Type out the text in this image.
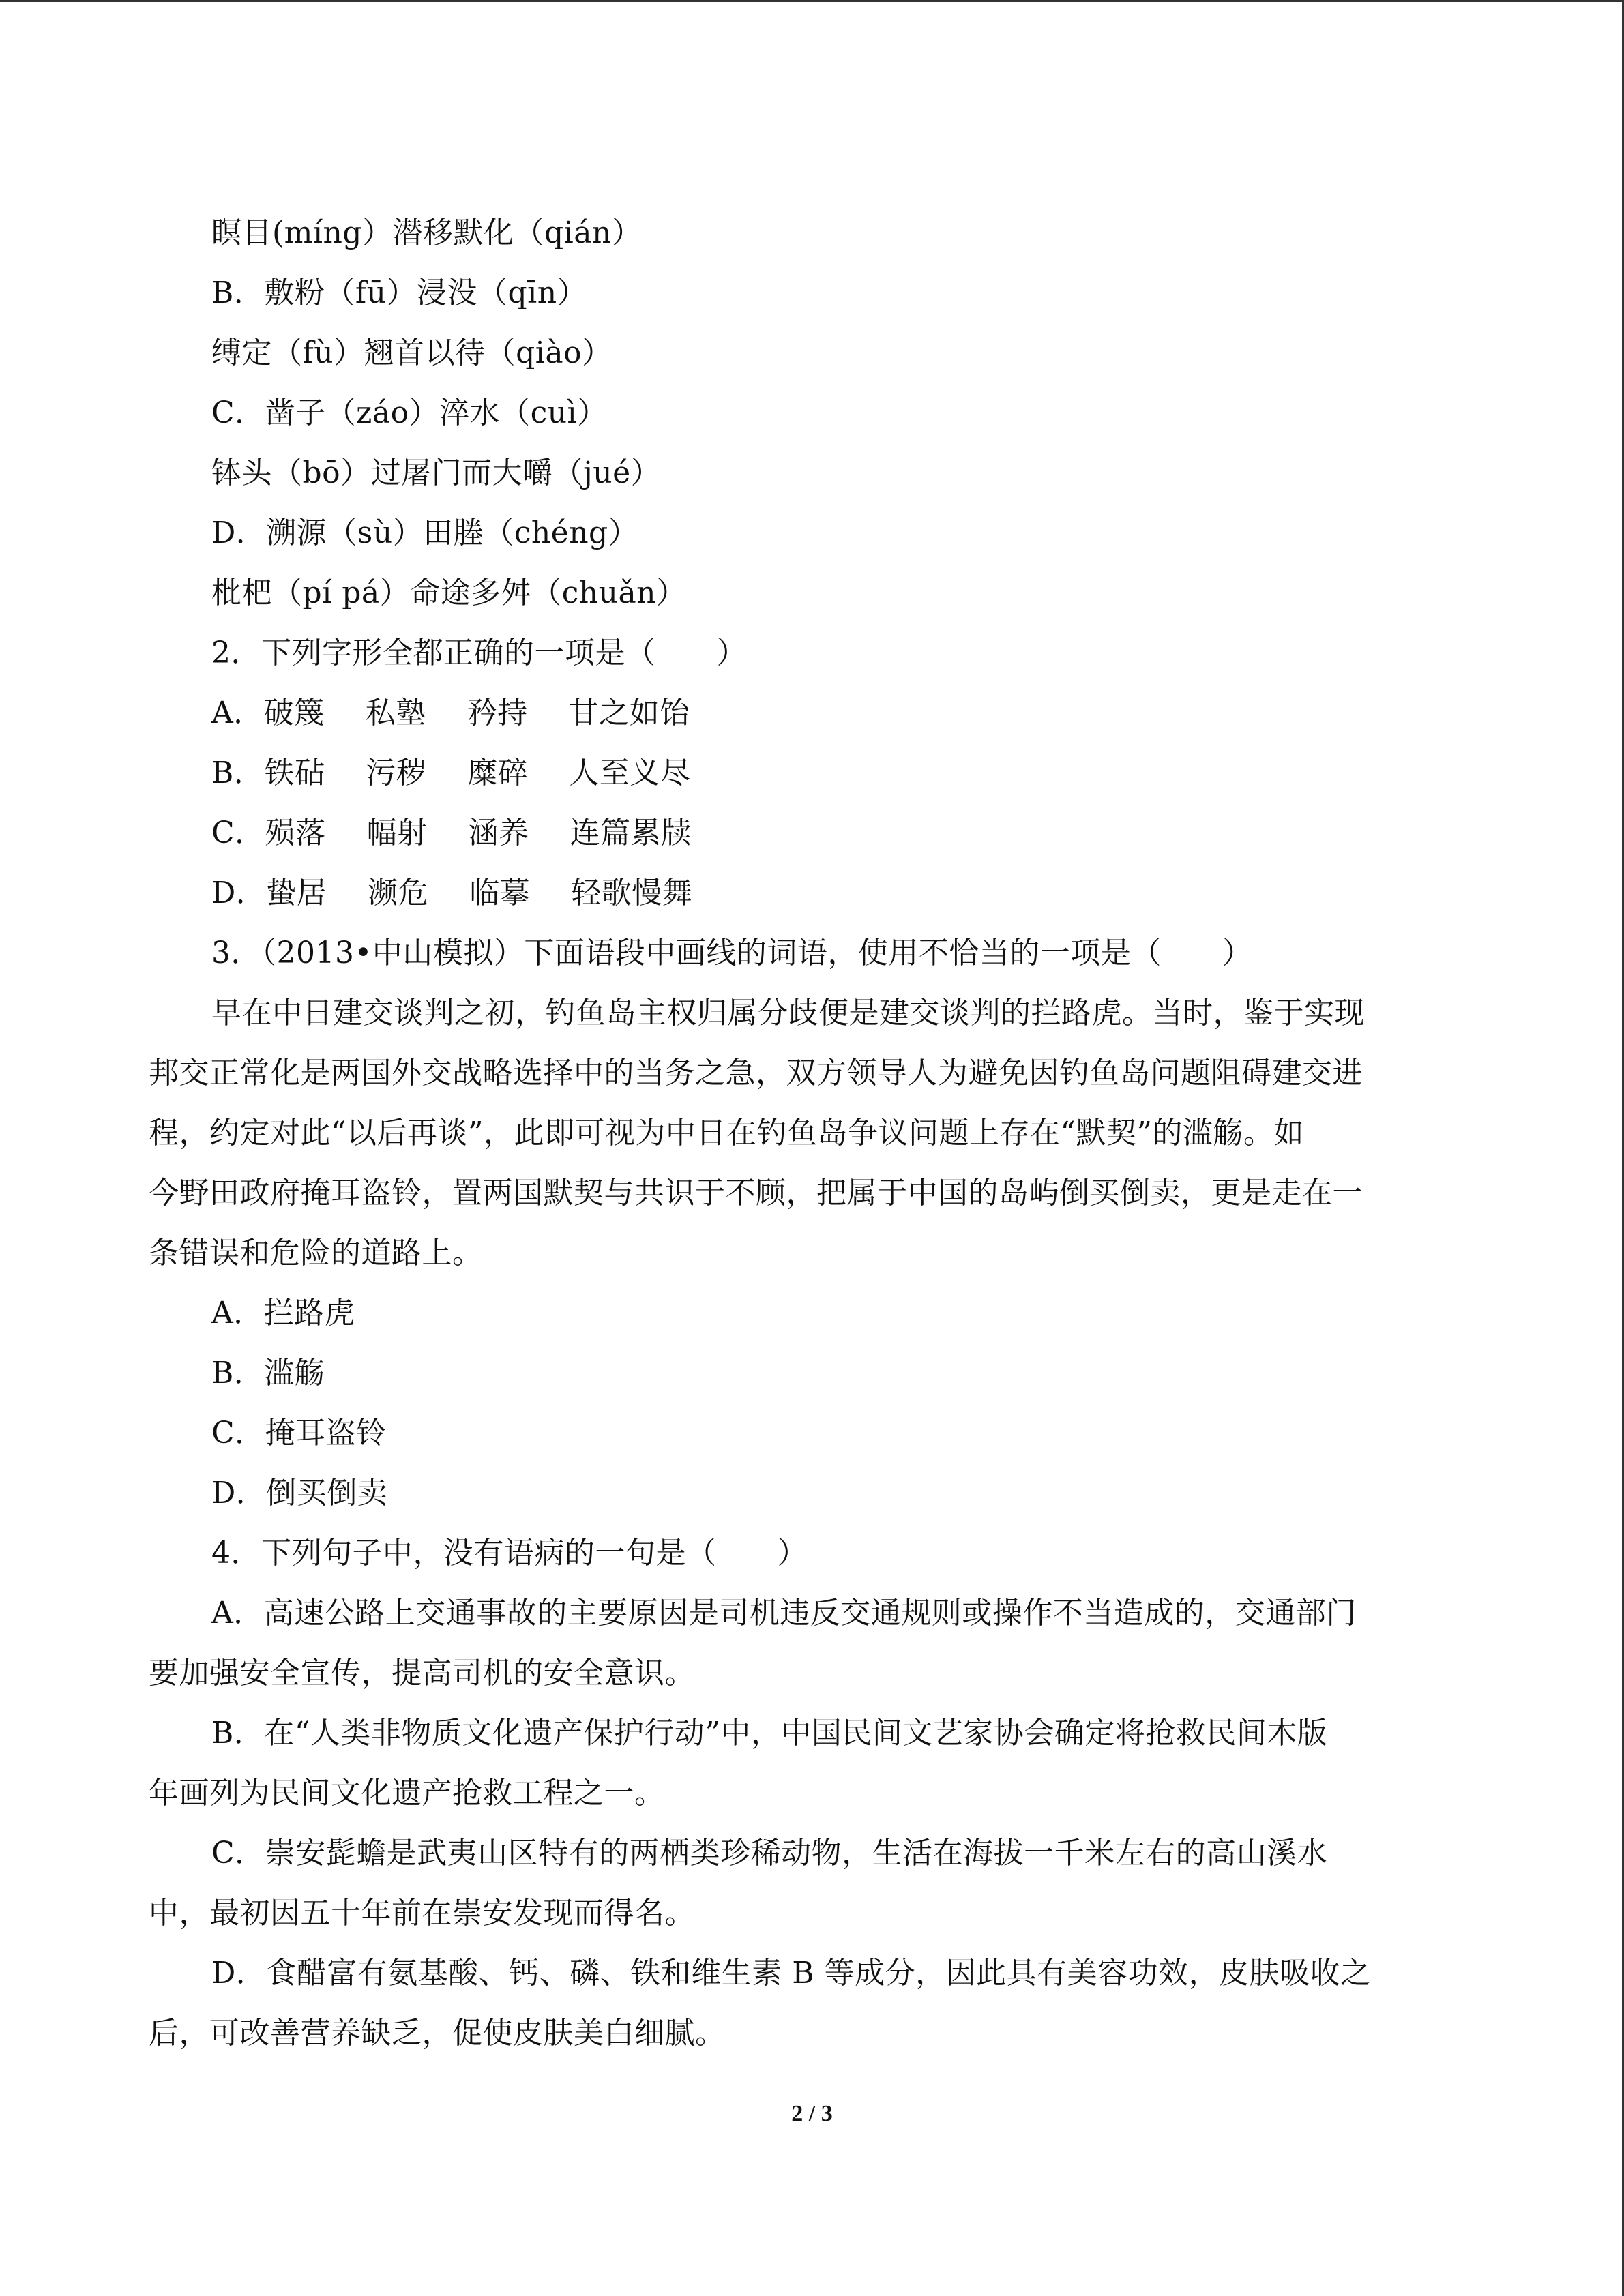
瞑目(míng）潜移默化（qián）
B．敷粉（fū）浸没（qīn）
缚定（fù）翘首以待（qiào）
C．凿子（záo）淬水（cuì）
钵头（bō）过屠门而大嚼（jué）
D．溯源（sù）田塍（chéng）
枇杷（pí pá）命途多舛（chuǎn）
2．下列字形全都正确的一项是（　　）
A．破篾 私塾 矜持 甘之如饴
B．铁砧 污秽 糜碎 人至义尽
C．殒落 幅射 涵养 连篇累牍
D．蛰居 濒危 临摹 轻歌慢舞
3．（2013•中山模拟）下面语段中画线的词语，使用不恰当的一项是（　　）
早在中日建交谈判之初，钓鱼岛主权归属分歧便是建交谈判的拦路虎。当时，鉴于实现
邦交正常化是两国外交战略选择中的当务之急，双方领导人为避免因钓鱼岛问题阻碍建交进
程，约定对此“以后再谈”，此即可视为中日在钓鱼岛争议问题上存在“默契”的滥觞。如
今野田政府掩耳盗铃，置两国默契与共识于不顾，把属于中国的岛屿倒买倒卖，更是走在一
条错误和危险的道路上。
A．拦路虎
B．滥觞
C．掩耳盗铃
D．倒买倒卖
4．下列句子中，没有语病的一句是（　　）
A．高速公路上交通事故的主要原因是司机违反交通规则或操作不当造成的，交通部门
要加强安全宣传，提高司机的安全意识。
B．在“人类非物质文化遗产保护行动”中，中国民间文艺家协会确定将抢救民间木版
年画列为民间文化遗产抢救工程之一。
C．崇安髭蟾是武夷山区特有的两栖类珍稀动物，生活在海拔一千米左右的高山溪水
中，最初因五十年前在崇安发现而得名。
D．食醋富有氨基酸、钙、磷、铁和维生素 B 等成分，因此具有美容功效，皮肤吸收之
后，可改善营养缺乏，促使皮肤美白细腻。
2 / 3
